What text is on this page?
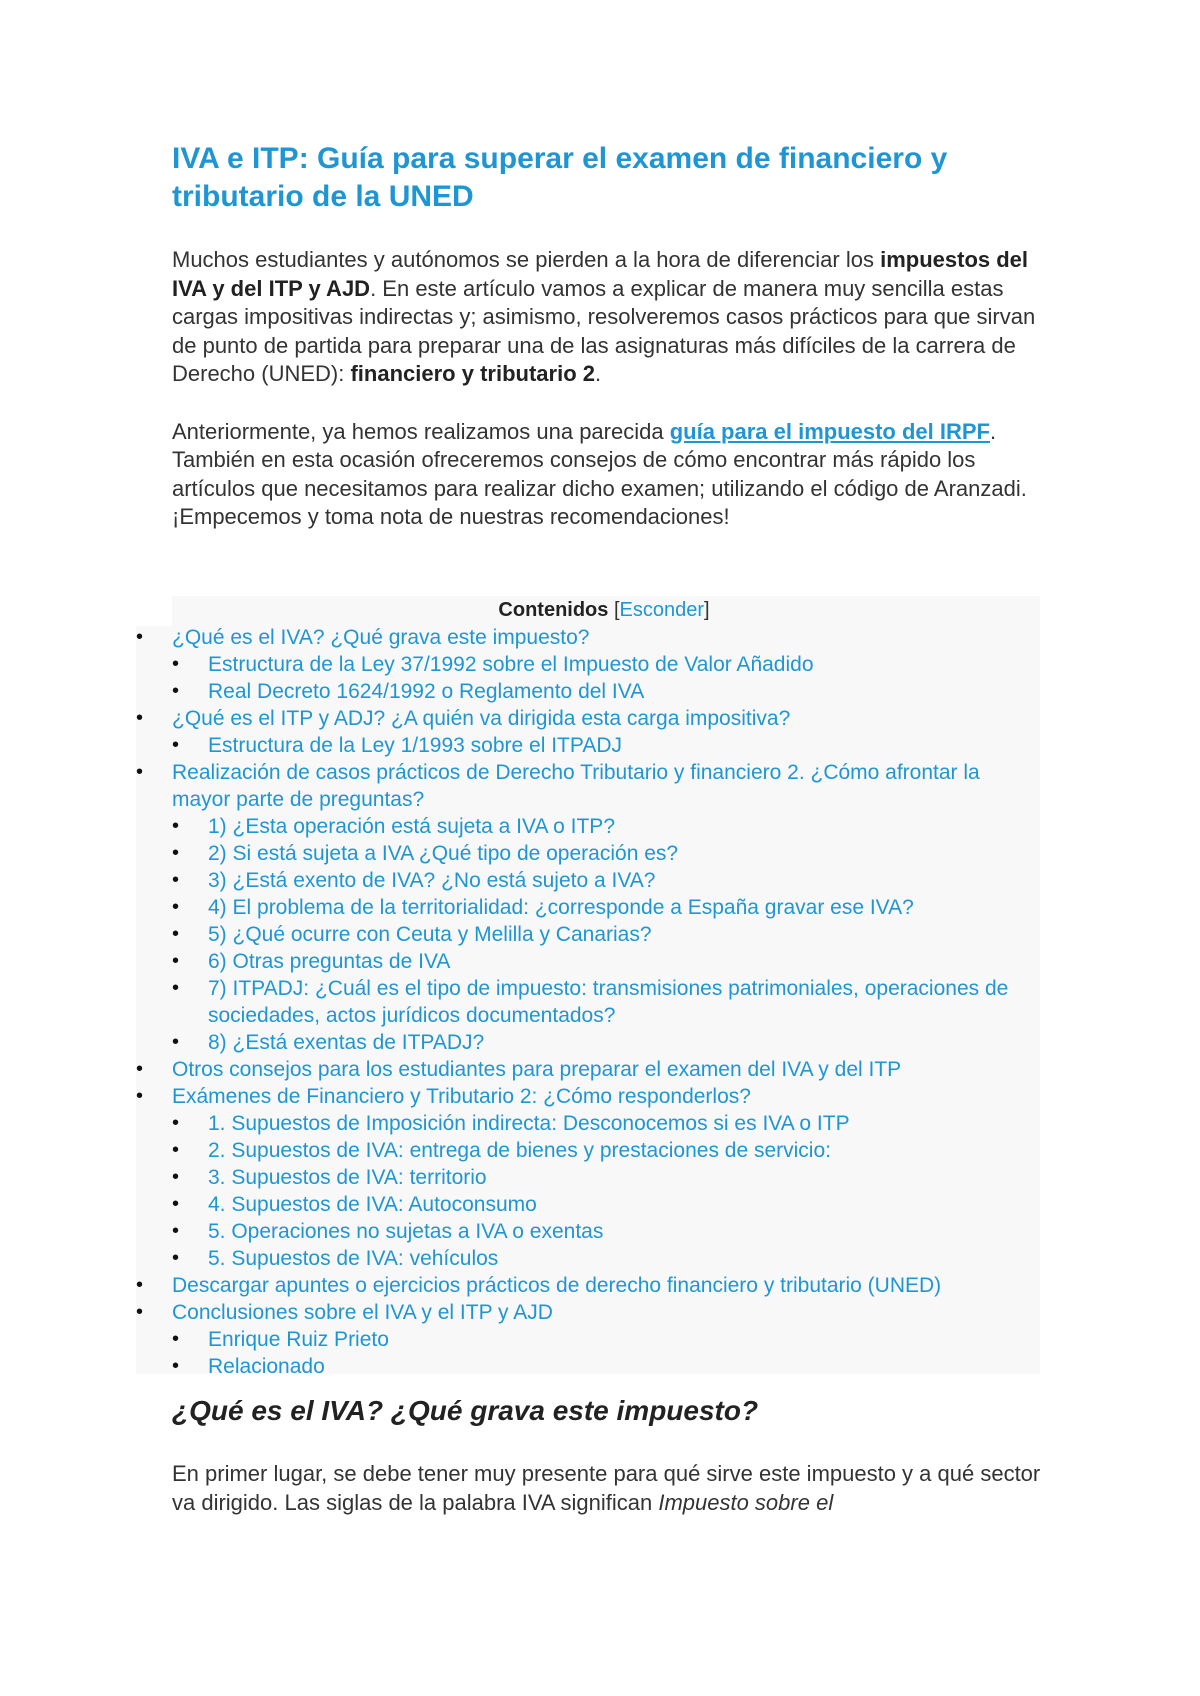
IVA e ITP: Guía para superar el examen de financiero y tributario de la UNED

Muchos estudiantes y autónomos se pierden a la hora de diferenciar los impuestos del IVA y del ITP y AJD. En este artículo vamos a explicar de manera muy sencilla estas cargas impositivas indirectas y; asimismo, resolveremos casos prácticos para que sirvan de punto de partida para preparar una de las asignaturas más difíciles de la carrera de Derecho (UNED): financiero y tributario 2.

Anteriormente, ya hemos realizamos una parecida guía para el impuesto del IRPF. También en esta ocasión ofreceremos consejos de cómo encontrar más rápido los artículos que necesitamos para realizar dicho examen; utilizando el código de Aranzadi. ¡Empecemos y toma nota de nuestras recomendaciones!

Contenidos [Esconder]
• ¿Qué es el IVA? ¿Qué grava este impuesto?
• Estructura de la Ley 37/1992 sobre el Impuesto de Valor Añadido
• Real Decreto 1624/1992 o Reglamento del IVA
• ¿Qué es el ITP y ADJ? ¿A quién va dirigida esta carga impositiva?
• Estructura de la Ley 1/1993 sobre el ITPADJ
• Realización de casos prácticos de Derecho Tributario y financiero 2. ¿Cómo afrontar la mayor parte de preguntas?
• 1) ¿Esta operación está sujeta a IVA o ITP?
• 2) Si está sujeta a IVA ¿Qué tipo de operación es?
• 3) ¿Está exento de IVA? ¿No está sujeto a IVA?
• 4) El problema de la territorialidad: ¿corresponde a España gravar ese IVA?
• 5) ¿Qué ocurre con Ceuta y Melilla y Canarias?
• 6) Otras preguntas de IVA
• 7) ITPADJ: ¿Cuál es el tipo de impuesto: transmisiones patrimoniales, operaciones de sociedades, actos jurídicos documentados?
• 8) ¿Está exentas de ITPADJ?
• Otros consejos para los estudiantes para preparar el examen del IVA y del ITP
• Exámenes de Financiero y Tributario 2: ¿Cómo responderlos?
• 1. Supuestos de Imposición indirecta: Desconocemos si es IVA o ITP
• 2. Supuestos de IVA: entrega de bienes y prestaciones de servicio:
• 3. Supuestos de IVA: territorio
• 4. Supuestos de IVA: Autoconsumo
• 5. Operaciones no sujetas a IVA o exentas
• 5. Supuestos de IVA: vehículos
• Descargar apuntes o ejercicios prácticos de derecho financiero y tributario (UNED)
• Conclusiones sobre el IVA y el ITP y AJD
• Enrique Ruiz Prieto
• Relacionado
¿Qué es el IVA? ¿Qué grava este impuesto?

En primer lugar, se debe tener muy presente para qué sirve este impuesto y a qué sector va dirigido. Las siglas de la palabra IVA significan Impuesto sobre el
